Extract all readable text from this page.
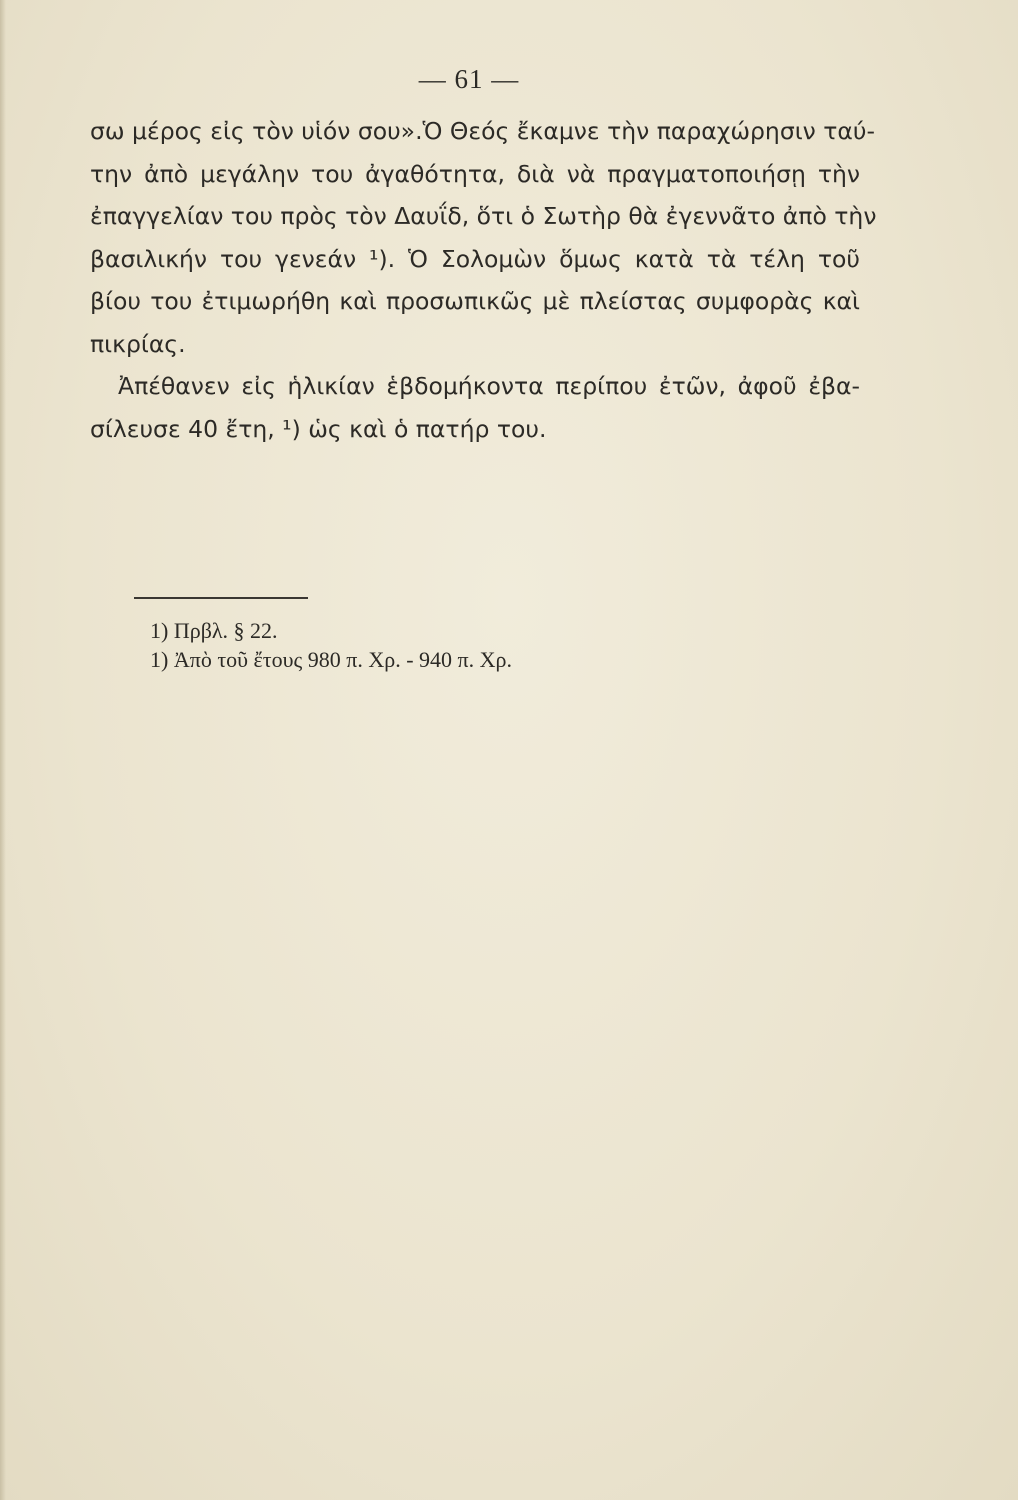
— 61 —
σω μέρος εἰς τὸν υἱόν σου».Ὁ Θεός ἔκαμνε τὴν παραχώρησιν ταύ-
την ἀπὸ μεγάλην του ἀγαθότητα, διὰ νὰ πραγματοποιήσῃ τὴν
ἐπαγγελίαν του πρὸς τὸν Δαυΐδ, ὅτι ὁ Σωτὴρ θὰ ἐγεννᾶτο ἀπὸ τὴν
βασιλικήν του γενεάν ¹). Ὁ Σολομὼν ὅμως κατὰ τὰ τέλη τοῦ
βίου του ἐτιμωρήθη καὶ προσωπικῶς μὲ πλείστας συμφορὰς καὶ
πικρίας.
Ἀπέθανεν εἰς ἡλικίαν ἑβδομήκοντα περίπου ἐτῶν, ἀφοῦ ἐβα-
σίλευσε 40 ἔτη, ¹) ὡς καὶ ὁ πατήρ του.
1) Πρβλ. § 22.
1) Ἀπὸ τοῦ ἔτους 980 π. Χρ. - 940 π. Χρ.
